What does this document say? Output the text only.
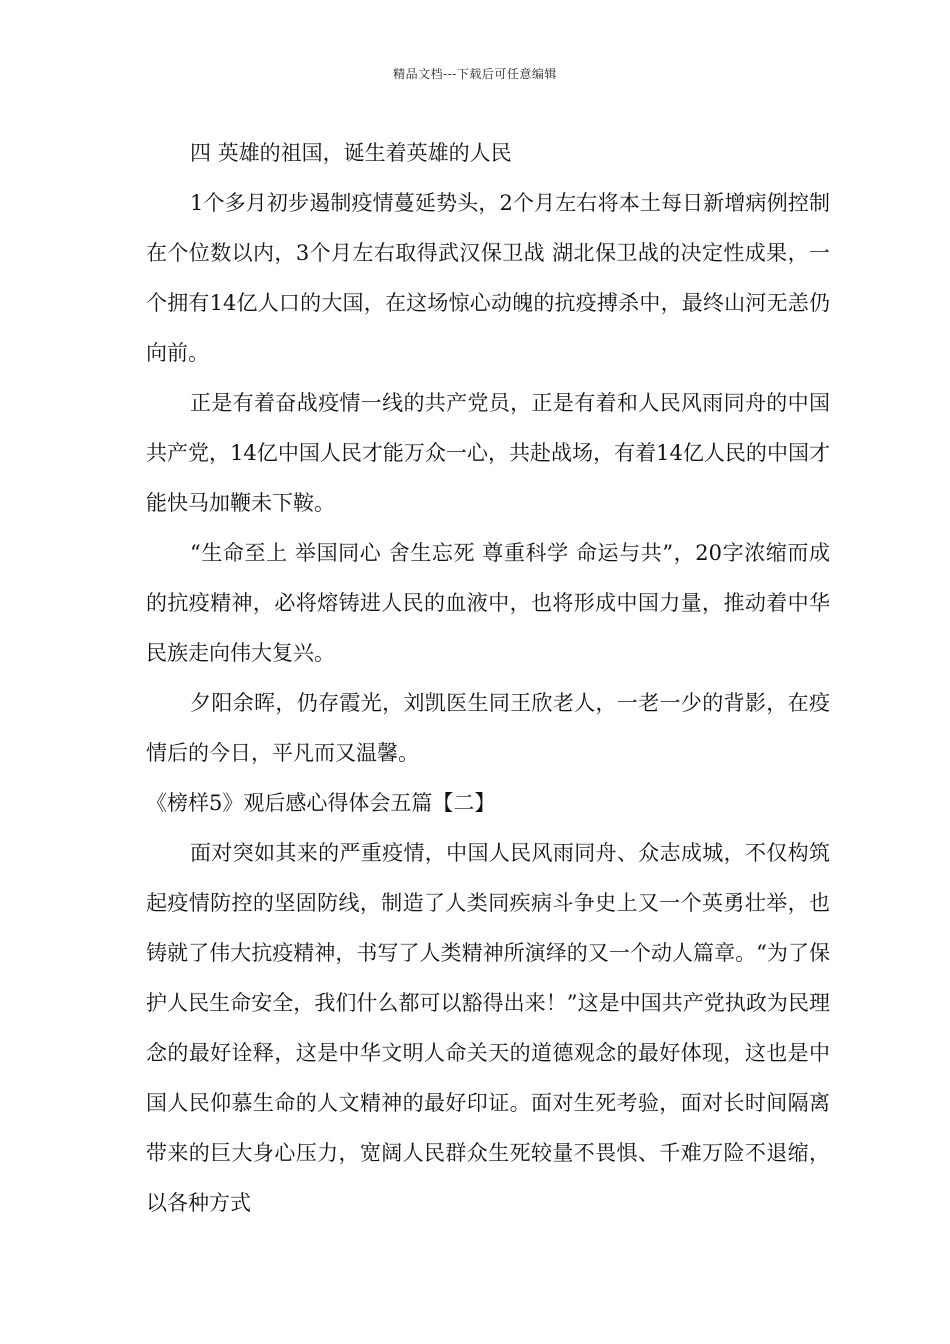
精品文档---下载后可任意编辑

四 英雄的祖国，诞生着英雄的人民

1个多月初步遏制疫情蔓延势头，2个月左右将本土每日新增病例控制在个位数以内，3个月左右取得武汉保卫战 湖北保卫战的决定性成果，一个拥有14亿人口的大国，在这场惊心动魄的抗疫搏杀中，最终山河无恙仍向前。

正是有着奋战疫情一线的共产党员，正是有着和人民风雨同舟的中国共产党，14亿中国人民才能万众一心，共赴战场，有着14亿人民的中国才能快马加鞭未下鞍。

“生命至上 举国同心 舍生忘死 尊重科学 命运与共”，20字浓缩而成的抗疫精神，必将熔铸进人民的血液中，也将形成中国力量，推动着中华民族走向伟大复兴。

夕阳余晖，仍存霞光，刘凯医生同王欣老人，一老一少的背影，在疫情后的今日，平凡而又温馨。

《榜样5》观后感心得体会五篇【二】

面对突如其来的严重疫情，中国人民风雨同舟、众志成城，不仅构筑起疫情防控的坚固防线，制造了人类同疾病斗争史上又一个英勇壮举，也铸就了伟大抗疫精神，书写了人类精神所演绎的又一个动人篇章。“为了保护人民生命安全，我们什么都可以豁得出来！”这是中国共产党执政为民理念的最好诠释，这是中华文明人命关天的道德观念的最好体现，这也是中国人民仰慕生命的人文精神的最好印证。面对生死考验，面对长时间隔离带来的巨大身心压力，宽阔人民群众生死较量不畏惧、千难万险不退缩，以各种方式
